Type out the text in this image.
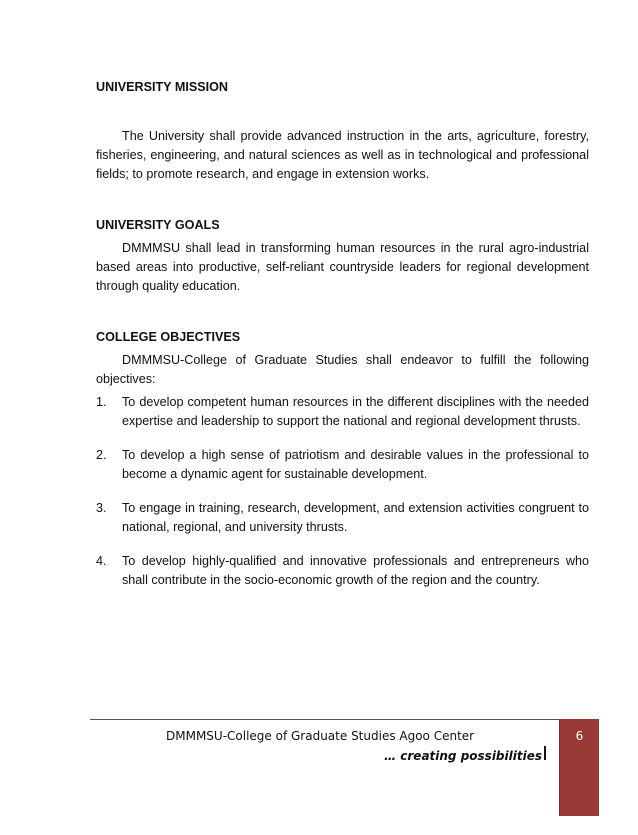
UNIVERSITY MISSION

The University shall provide advanced instruction in the arts, agriculture, forestry, fisheries, engineering, and natural sciences as well as in technological and professional fields; to promote research, and engage in extension works.

UNIVERSITY GOALS

DMMMSU shall lead in transforming human resources in the rural agro-industrial based areas into productive, self-reliant countryside leaders for regional development through quality education.

COLLEGE OBJECTIVES

DMMMSU-College of Graduate Studies shall endeavor to fulfill the following objectives:

1.	To develop competent human resources in the different disciplines with the needed expertise and leadership to support the national and regional development thrusts.
2.	To develop a high sense of patriotism and desirable values in the professional to become a dynamic agent for sustainable development.
3.	To engage in training, research, development, and extension activities congruent to national, regional, and university thrusts.
4.	To develop highly-qualified and innovative professionals and entrepreneurs who shall contribute in the socio-economic growth of the region and the country.
DMMMSU-College of Graduate Studies Agoo Center
… creating possibilities
6
